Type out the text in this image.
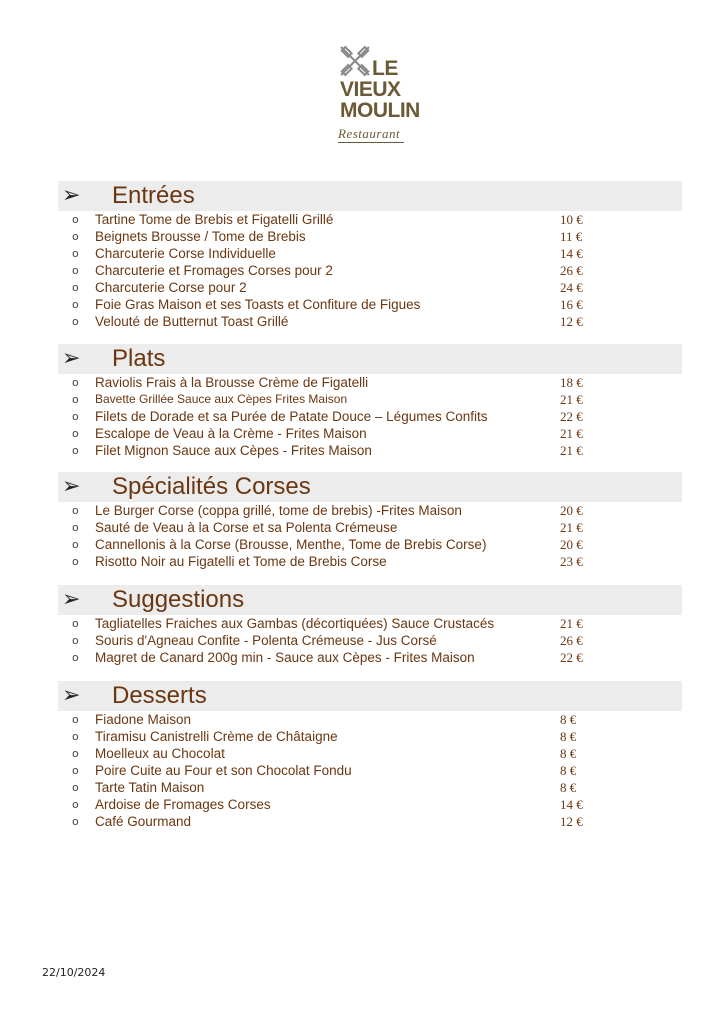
LE
VIEUX
MOULIN
Restaurant
➢ Entrées
o Tartine Tome de Brebis et Figatelli Grillé	10 €
o Beignets Brousse / Tome de Brebis	11 €
o Charcuterie Corse Individuelle	14 €
o Charcuterie et Fromages Corses pour 2	26 €
o Charcuterie Corse pour 2	24 €
o Foie Gras Maison et ses Toasts et Confiture de Figues	16 €
o Velouté de Butternut Toast Grillé	12 €
➢ Plats
o Raviolis Frais à la Brousse Crème de Figatelli	18 €
o Bavette Grillée Sauce aux Cèpes Frites Maison	21 €
o Filets de Dorade et sa Purée de Patate Douce – Légumes Confits	22 €
o Escalope de Veau à la Crème - Frites Maison	21 €
o Filet Mignon Sauce aux Cèpes - Frites Maison	21 €
➢ Spécialités Corses
o Le Burger Corse (coppa grillé, tome de brebis) -Frites Maison	20 €
o Sauté de Veau à la Corse et sa Polenta Crémeuse	21 €
o Cannellonis à la Corse (Brousse, Menthe, Tome de Brebis Corse)	20 €
o Risotto Noir au Figatelli et Tome de Brebis Corse	23 €
➢ Suggestions
o Tagliatelles Fraiches aux Gambas (décortiquées) Sauce Crustacés	21 €
o Souris d'Agneau Confite - Polenta Crémeuse - Jus Corsé	26 €
o Magret de Canard 200g min - Sauce aux Cèpes - Frites Maison	22 €
➢ Desserts
o Fiadone Maison	8 €
o Tiramisu Canistrelli Crème de Châtaigne	8 €
o Moelleux au Chocolat	8 €
o Poire Cuite au Four et son Chocolat Fondu	8 €
o Tarte Tatin Maison	8 €
o Ardoise de Fromages Corses	14 €
o Café Gourmand	12 €
22/10/2024
